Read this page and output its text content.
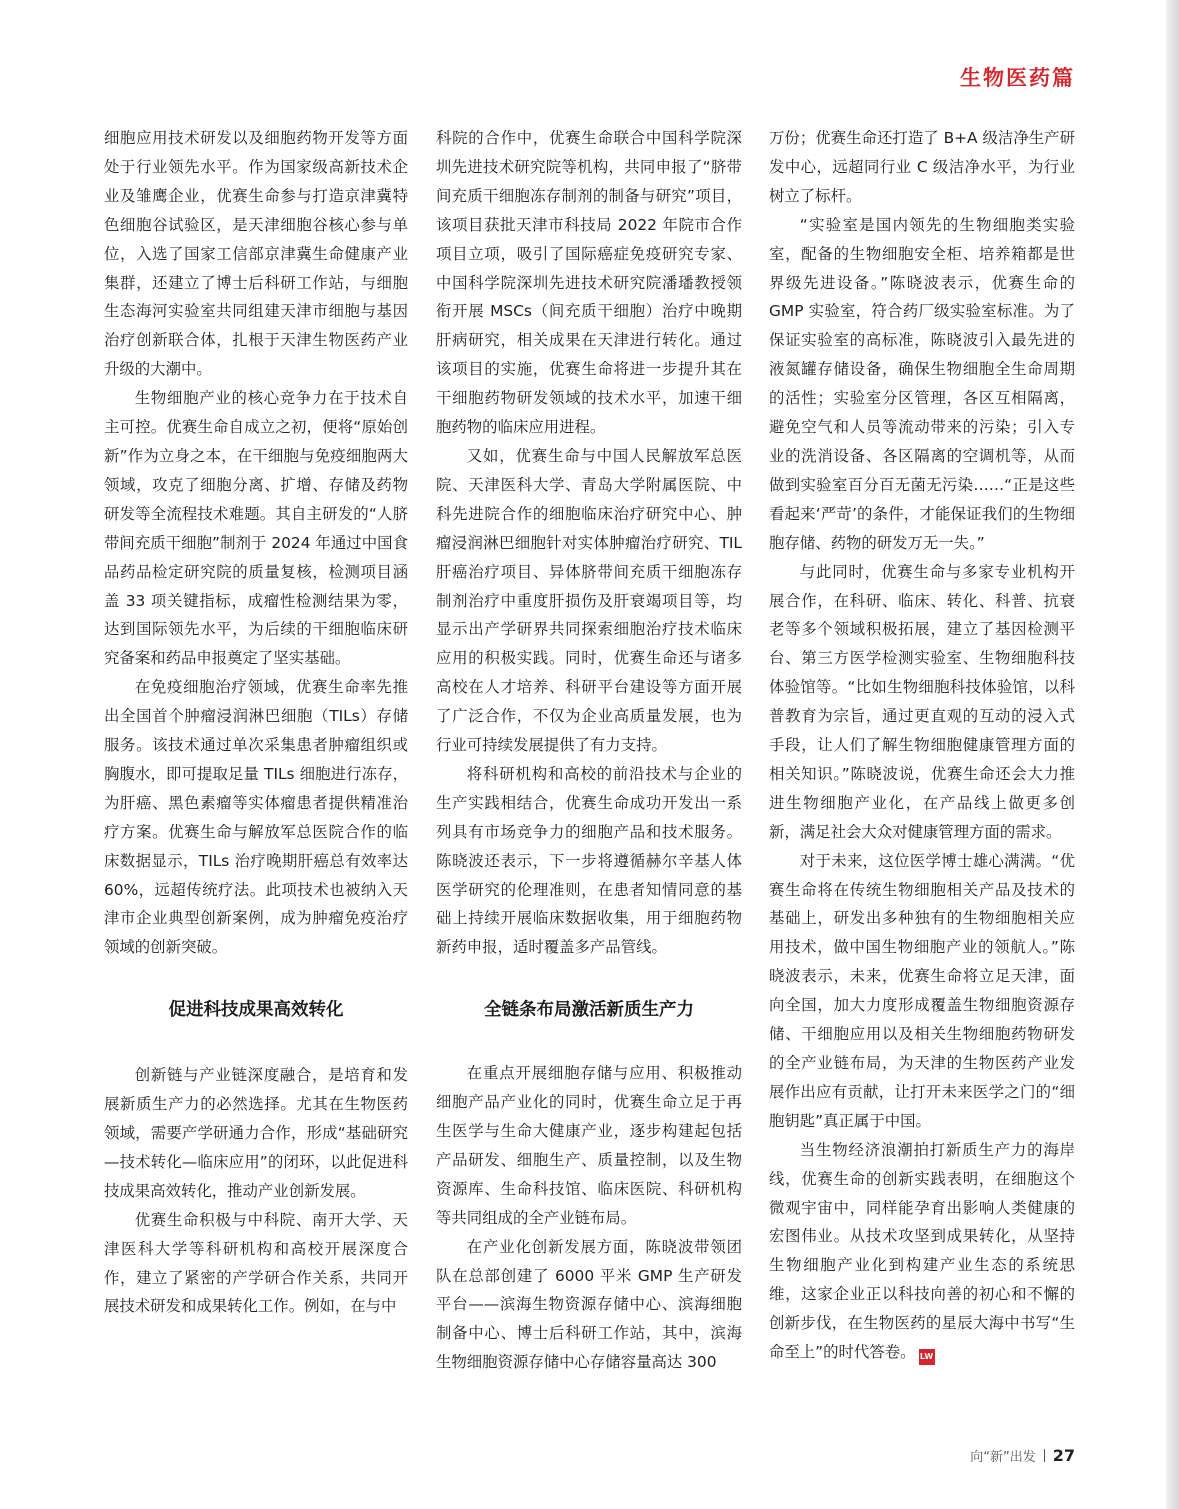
生物医药篇

细胞应用技术研发以及细胞药物开发等方面处于行业领先水平。作为国家级高新技术企业及雏鹰企业，优赛生命参与打造京津冀特色细胞谷试验区，是天津细胞谷核心参与单位，入选了国家工信部京津冀生命健康产业集群，还建立了博士后科研工作站，与细胞生态海河实验室共同组建天津市细胞与基因治疗创新联合体，扎根于天津生物医药产业升级的大潮中。

生物细胞产业的核心竞争力在于技术自主可控。优赛生命自成立之初，便将“原始创新”作为立身之本，在干细胞与免疫细胞两大领域，攻克了细胞分离、扩增、存储及药物研发等全流程技术难题。其自主研发的“人脐带间充质干细胞”制剂于 2024 年通过中国食品药品检定研究院的质量复核，检测项目涵盖 33 项关键指标，成瘤性检测结果为零，达到国际领先水平，为后续的干细胞临床研究备案和药品申报奠定了坚实基础。

在免疫细胞治疗领域，优赛生命率先推出全国首个肿瘤浸润淋巴细胞（TILs）存储服务。该技术通过单次采集患者肿瘤组织或胸腹水，即可提取足量 TILs 细胞进行冻存，为肝癌、黑色素瘤等实体瘤患者提供精准治疗方案。优赛生命与解放军总医院合作的临床数据显示，TILs 治疗晚期肝癌总有效率达 60%，远超传统疗法。此项技术也被纳入天津市企业典型创新案例，成为肿瘤免疫治疗领域的创新突破。

促进科技成果高效转化

创新链与产业链深度融合，是培育和发展新质生产力的必然选择。尤其在生物医药领域，需要产学研通力合作，形成“基础研究—技术转化—临床应用”的闭环，以此促进科技成果高效转化，推动产业创新发展。

优赛生命积极与中科院、南开大学、天津医科大学等科研机构和高校开展深度合作，建立了紧密的产学研合作关系，共同开展技术研发和成果转化工作。例如，在与中

科院的合作中，优赛生命联合中国科学院深圳先进技术研究院等机构，共同申报了“脐带间充质干细胞冻存制剂的制备与研究”项目，该项目获批天津市科技局 2022 年院市合作项目立项，吸引了国际癌症免疫研究专家、中国科学院深圳先进技术研究院潘璠教授领衔开展 MSCs（间充质干细胞）治疗中晚期肝病研究，相关成果在天津进行转化。通过该项目的实施，优赛生命将进一步提升其在干细胞药物研发领域的技术水平，加速干细胞药物的临床应用进程。

又如，优赛生命与中国人民解放军总医院、天津医科大学、青岛大学附属医院、中科先进院合作的细胞临床治疗研究中心、肿瘤浸润淋巴细胞针对实体肿瘤治疗研究、TIL 肝癌治疗项目、异体脐带间充质干细胞冻存制剂治疗中重度肝损伤及肝衰竭项目等，均显示出产学研界共同探索细胞治疗技术临床应用的积极实践。同时，优赛生命还与诸多高校在人才培养、科研平台建设等方面开展了广泛合作，不仅为企业高质量发展，也为行业可持续发展提供了有力支持。

将科研机构和高校的前沿技术与企业的生产实践相结合，优赛生命成功开发出一系列具有市场竞争力的细胞产品和技术服务。陈晓波还表示，下一步将遵循赫尔辛基人体医学研究的伦理准则，在患者知情同意的基础上持续开展临床数据收集，用于细胞药物新药申报，适时覆盖多产品管线。

全链条布局激活新质生产力

在重点开展细胞存储与应用、积极推动细胞产品产业化的同时，优赛生命立足于再生医学与生命大健康产业，逐步构建起包括产品研发、细胞生产、质量控制，以及生物资源库、生命科技馆、临床医院、科研机构等共同组成的全产业链布局。

在产业化创新发展方面，陈晓波带领团队在总部创建了 6000 平米 GMP 生产研发平台——滨海生物资源存储中心、滨海细胞制备中心、博士后科研工作站，其中，滨海生物细胞资源存储中心存储容量高达 300

万份；优赛生命还打造了 B+A 级洁净生产研发中心，远超同行业 C 级洁净水平，为行业树立了标杆。

“实验室是国内领先的生物细胞类实验室，配备的生物细胞安全柜、培养箱都是世界级先进设备。”陈晓波表示，优赛生命的 GMP 实验室，符合药厂级实验室标准。为了保证实验室的高标准，陈晓波引入最先进的液氮罐存储设备，确保生物细胞全生命周期的活性；实验室分区管理，各区互相隔离，避免空气和人员等流动带来的污染；引入专业的洗消设备、各区隔离的空调机等，从而做到实验室百分百无菌无污染……“正是这些看起来‘严苛’的条件，才能保证我们的生物细胞存储、药物的研发万无一失。”

与此同时，优赛生命与多家专业机构开展合作，在科研、临床、转化、科普、抗衰老等多个领域积极拓展，建立了基因检测平台、第三方医学检测实验室、生物细胞科技体验馆等。“比如生物细胞科技体验馆，以科普教育为宗旨，通过更直观的互动的浸入式手段，让人们了解生物细胞健康管理方面的相关知识。”陈晓波说，优赛生命还会大力推进生物细胞产业化，在产品线上做更多创新，满足社会大众对健康管理方面的需求。

对于未来，这位医学博士雄心满满。“优赛生命将在传统生物细胞相关产品及技术的基础上，研发出多种独有的生物细胞相关应用技术，做中国生物细胞产业的领航人。”陈晓波表示，未来，优赛生命将立足天津，面向全国，加大力度形成覆盖生物细胞资源存储、干细胞应用以及相关生物细胞药物研发的全产业链布局，为天津的生物医药产业发展作出应有贡献，让打开未来医学之门的“细胞钥匙”真正属于中国。

当生物经济浪潮拍打新质生产力的海岸线，优赛生命的创新实践表明，在细胞这个微观宇宙中，同样能孕育出影响人类健康的宏图伟业。从技术攻坚到成果转化，从坚持生物细胞产业化到构建产业生态的系统思维，这家企业正以科技向善的初心和不懈的创新步伐，在生物医药的星辰大海中书写“生命至上”的时代答卷。 LW

向“新”出发 27
